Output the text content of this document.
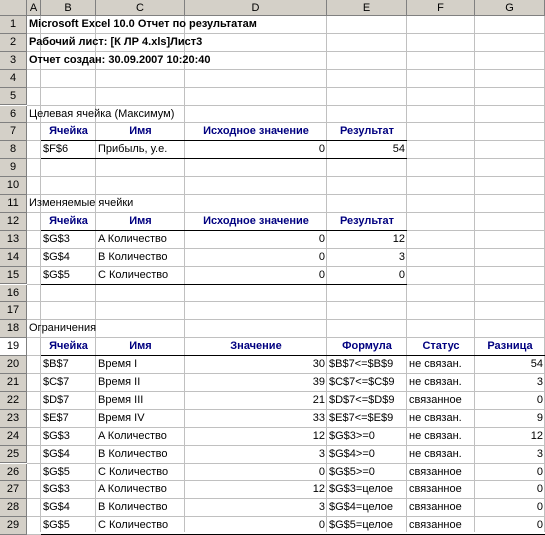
A	B	C	D	E	F	G
1
2
3
4
5
6
7
8
9
10
11
12
13
14
15
16
17
18
19
20
21
22
23
24
25
26
27
28
29
Microsoft Excel 10.0 Отчет по результатам
Рабочий лист: [К ЛР 4.xls]Лист3
Отчет создан: 30.09.2007 10:20:40
Целевая ячейка (Максимум)
Ячейка	Имя	Исходное значение	Результат
$F$6	Прибыль, у.е.	0	54
Изменяемые ячейки
Ячейка	Имя	Исходное значение	Результат
$G$3	A Количество	0	12
$G$4	B Количество	0	3
$G$5	C Количество	0	0
Ограничения
Ячейка	Имя	Значение	Формула	Статус	Разница
$B$7	Время I	30 $B$7<=$B$9	не связан.	54
$C$7	Время II	39 $C$7<=$C$9	не связан.	3
$D$7	Время III	21 $D$7<=$D$9	связанное	0
$E$7	Время IV	33 $E$7<=$E$9	не связан.	9
$G$3	A Количество	12 $G$3>=0	не связан.	12
$G$4	B Количество	3 $G$4>=0	не связан.	3
$G$5	C Количество	0 $G$5>=0	связанное	0
$G$3	A Количество	12 $G$3=целое	связанное	0
$G$4	B Количество	3 $G$4=целое	связанное	0
$G$5	C Количество	0 $G$5=целое	связанное	0
